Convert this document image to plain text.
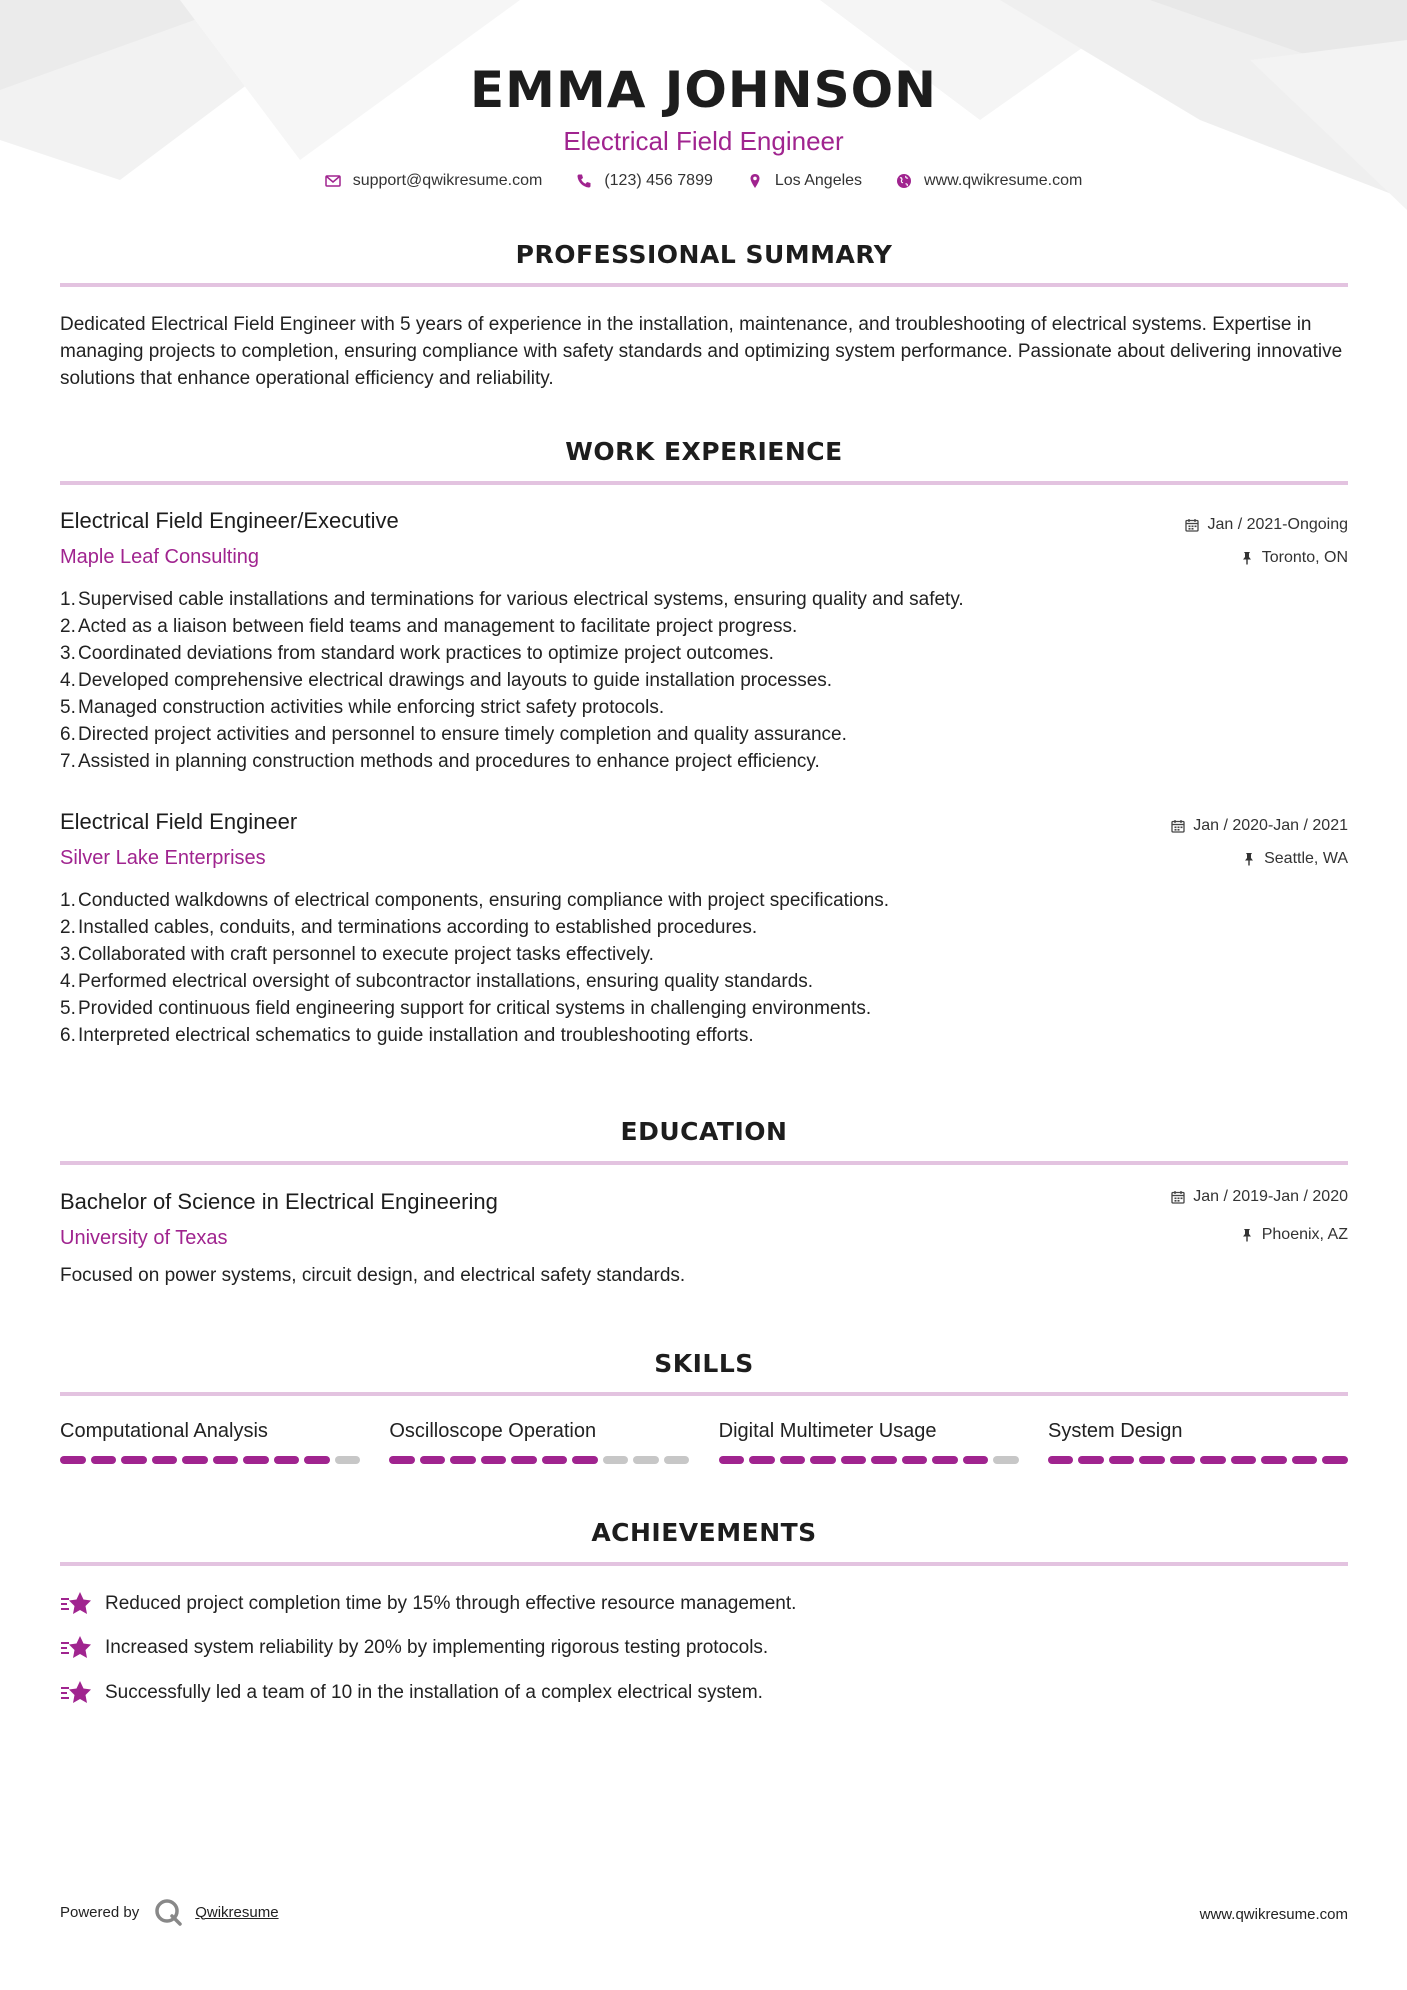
EMMA JOHNSON
Electrical Field Engineer
support@qwikresume.com	(123) 456 7899	Los Angeles	www.qwikresume.com
PROFESSIONAL SUMMARY
Dedicated Electrical Field Engineer with 5 years of experience in the installation, maintenance, and troubleshooting of electrical systems. Expertise in managing projects to completion, ensuring compliance with safety standards and optimizing system performance. Passionate about delivering innovative solutions that enhance operational efficiency and reliability.
WORK EXPERIENCE
Electrical Field Engineer/Executive
Maple Leaf Consulting
Jan / 2021-Ongoing
Toronto, ON
1. Supervised cable installations and terminations for various electrical systems, ensuring quality and safety.
2. Acted as a liaison between field teams and management to facilitate project progress.
3. Coordinated deviations from standard work practices to optimize project outcomes.
4. Developed comprehensive electrical drawings and layouts to guide installation processes.
5. Managed construction activities while enforcing strict safety protocols.
6. Directed project activities and personnel to ensure timely completion and quality assurance.
7. Assisted in planning construction methods and procedures to enhance project efficiency.
Electrical Field Engineer
Silver Lake Enterprises
Jan / 2020-Jan / 2021
Seattle, WA
1. Conducted walkdowns of electrical components, ensuring compliance with project specifications.
2. Installed cables, conduits, and terminations according to established procedures.
3. Collaborated with craft personnel to execute project tasks effectively.
4. Performed electrical oversight of subcontractor installations, ensuring quality standards.
5. Provided continuous field engineering support for critical systems in challenging environments.
6. Interpreted electrical schematics to guide installation and troubleshooting efforts.
EDUCATION
Bachelor of Science in Electrical Engineering
University of Texas
Jan / 2019-Jan / 2020
Phoenix, AZ
Focused on power systems, circuit design, and electrical safety standards.
SKILLS
Computational Analysis	Oscilloscope Operation	Digital Multimeter Usage	System Design
ACHIEVEMENTS
Reduced project completion time by 15% through effective resource management.
Increased system reliability by 20% by implementing rigorous testing protocols.
Successfully led a team of 10 in the installation of a complex electrical system.
Powered by	Qwikresume	www.qwikresume.com
